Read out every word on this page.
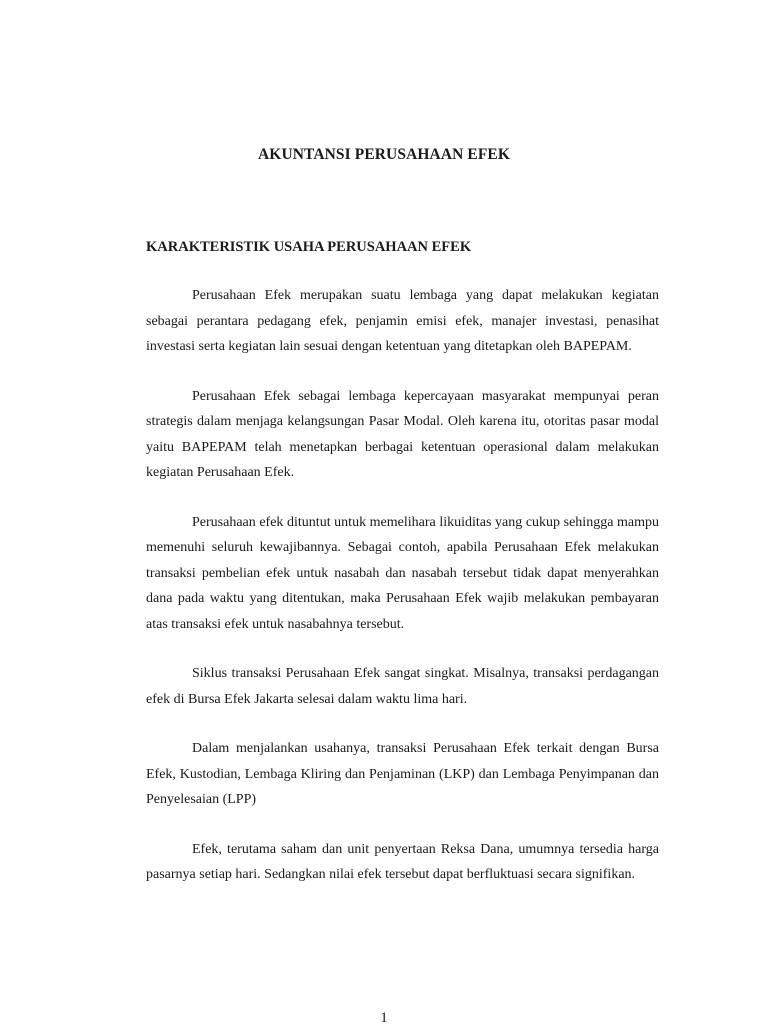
AKUNTANSI PERUSAHAAN EFEK
KARAKTERISTIK USAHA PERUSAHAAN EFEK

Perusahaan Efek merupakan suatu lembaga yang dapat melakukan kegiatan sebagai perantara pedagang efek, penjamin emisi efek, manajer investasi, penasihat investasi serta kegiatan lain sesuai dengan ketentuan yang ditetapkan oleh BAPEPAM.

Perusahaan Efek sebagai lembaga kepercayaan masyarakat mempunyai peran strategis dalam menjaga kelangsungan Pasar Modal. Oleh karena itu, otoritas pasar modal yaitu BAPEPAM telah menetapkan berbagai ketentuan operasional dalam melakukan kegiatan Perusahaan Efek.

Perusahaan efek dituntut untuk memelihara likuiditas yang cukup sehingga mampu memenuhi seluruh kewajibannya. Sebagai contoh, apabila Perusahaan Efek melakukan transaksi pembelian efek untuk nasabah dan nasabah tersebut tidak dapat menyerahkan dana pada waktu yang ditentukan, maka Perusahaan Efek wajib melakukan pembayaran atas transaksi efek untuk nasabahnya tersebut.

Siklus transaksi Perusahaan Efek sangat singkat. Misalnya, transaksi perdagangan efek di Bursa Efek Jakarta selesai dalam waktu lima hari.

Dalam menjalankan usahanya, transaksi Perusahaan Efek terkait dengan Bursa Efek, Kustodian, Lembaga Kliring dan Penjaminan (LKP) dan Lembaga Penyimpanan dan Penyelesaian (LPP)

Efek, terutama saham dan unit penyertaan Reksa Dana, umumnya tersedia harga pasarnya setiap hari. Sedangkan nilai efek tersebut dapat berfluktuasi secara signifikan.

1
